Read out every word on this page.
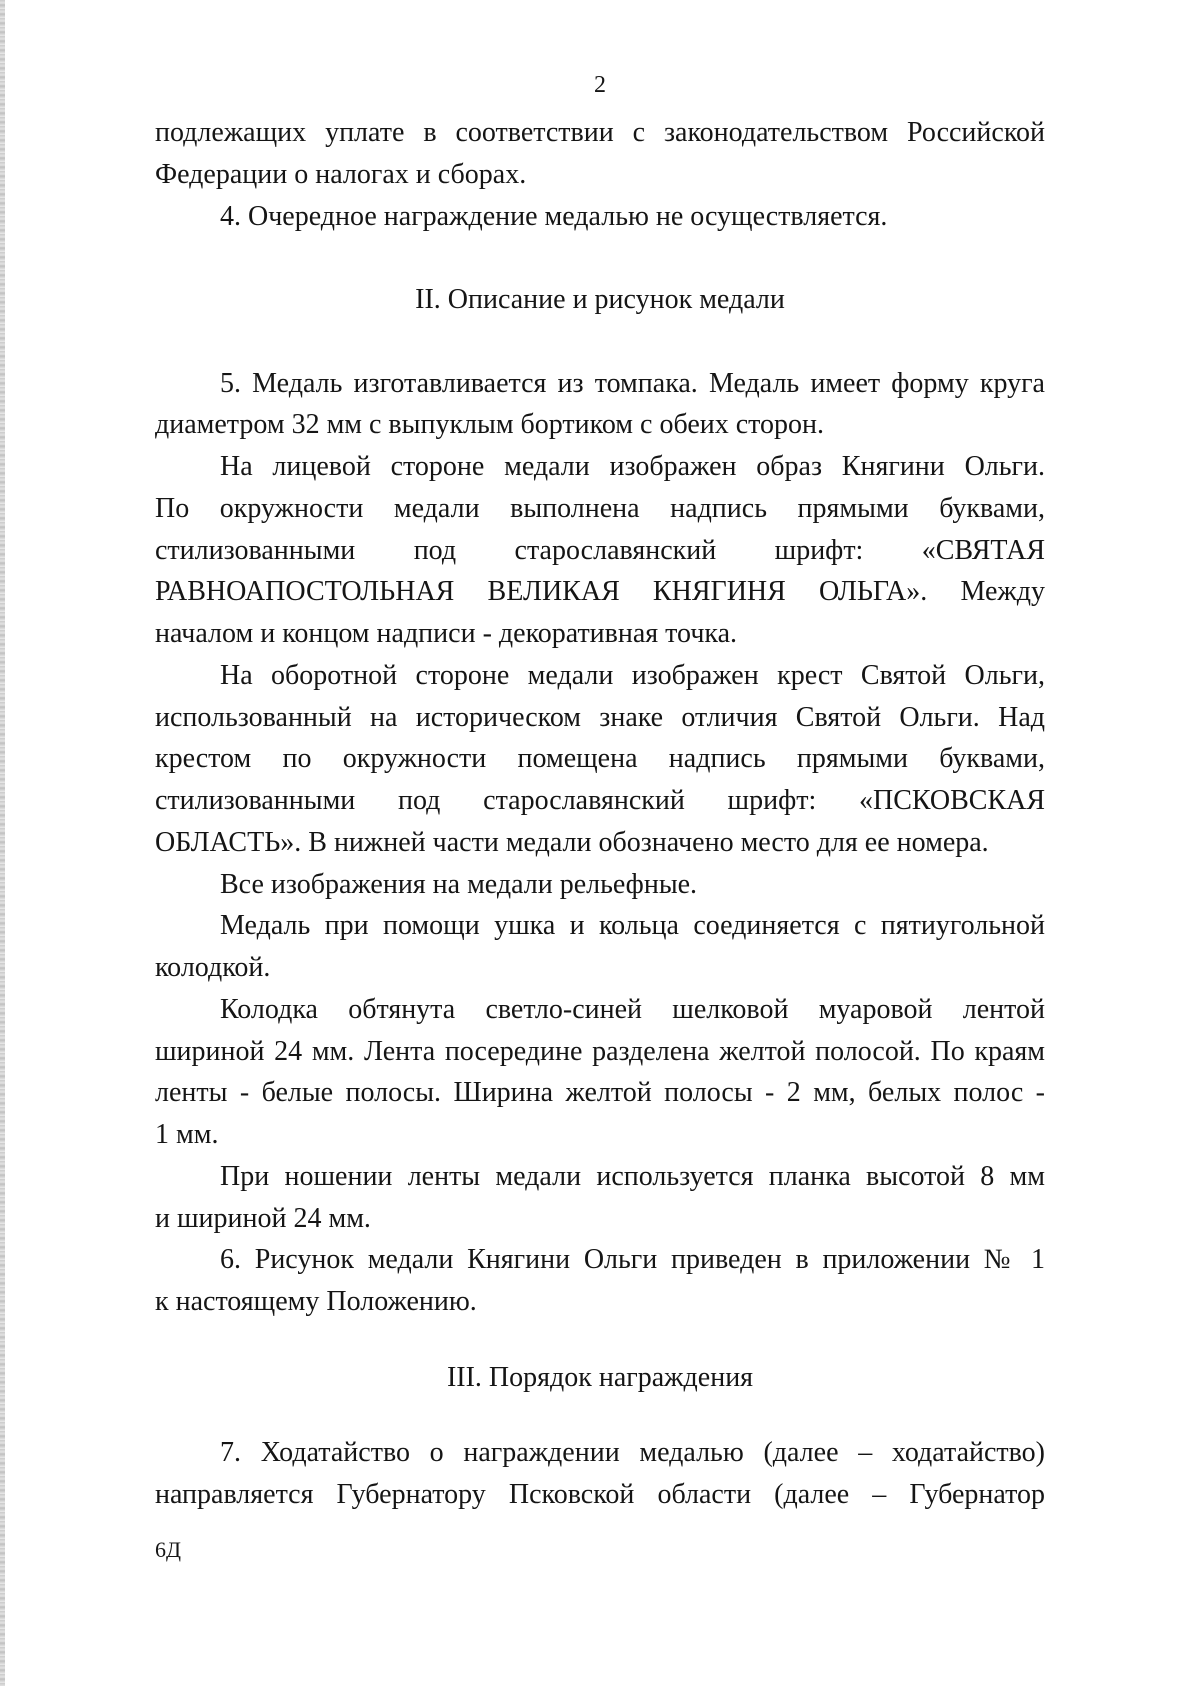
2
подлежащих уплате в соответствии с законодательством Российской
Федерации о налогах и сборах.
4. Очередное награждение медалью не осуществляется.
II. Описание и рисунок медали
5. Медаль изготавливается из томпака. Медаль имеет форму круга
диаметром 32 мм с выпуклым бортиком с обеих сторон.
На лицевой стороне медали изображен образ Княгини Ольги.
По окружности медали выполнена надпись прямыми буквами,
стилизованными под старославянский шрифт: «СВЯТАЯ
РАВНОАПОСТОЛЬНАЯ ВЕЛИКАЯ КНЯГИНЯ ОЛЬГА». Между
началом и концом надписи - декоративная точка.
На оборотной стороне медали изображен крест Святой Ольги,
использованный на историческом знаке отличия Святой Ольги. Над
крестом по окружности помещена надпись прямыми буквами,
стилизованными под старославянский шрифт: «ПСКОВСКАЯ
ОБЛАСТЬ». В нижней части медали обозначено место для ее номера.
Все изображения на медали рельефные.
Медаль при помощи ушка и кольца соединяется с пятиугольной
колодкой.
Колодка обтянута светло-синей шелковой муаровой лентой
шириной 24 мм. Лента посередине разделена желтой полосой. По краям
ленты - белые полосы. Ширина желтой полосы - 2 мм, белых полос -
1 мм.
При ношении ленты медали используется планка высотой 8 мм
и шириной 24 мм.
6. Рисунок медали Княгини Ольги приведен в приложении № 1
к настоящему Положению.
III. Порядок награждения
7. Ходатайство о награждении медалью (далее – ходатайство)
направляется Губернатору Псковской области (далее – Губернатор
6Д
